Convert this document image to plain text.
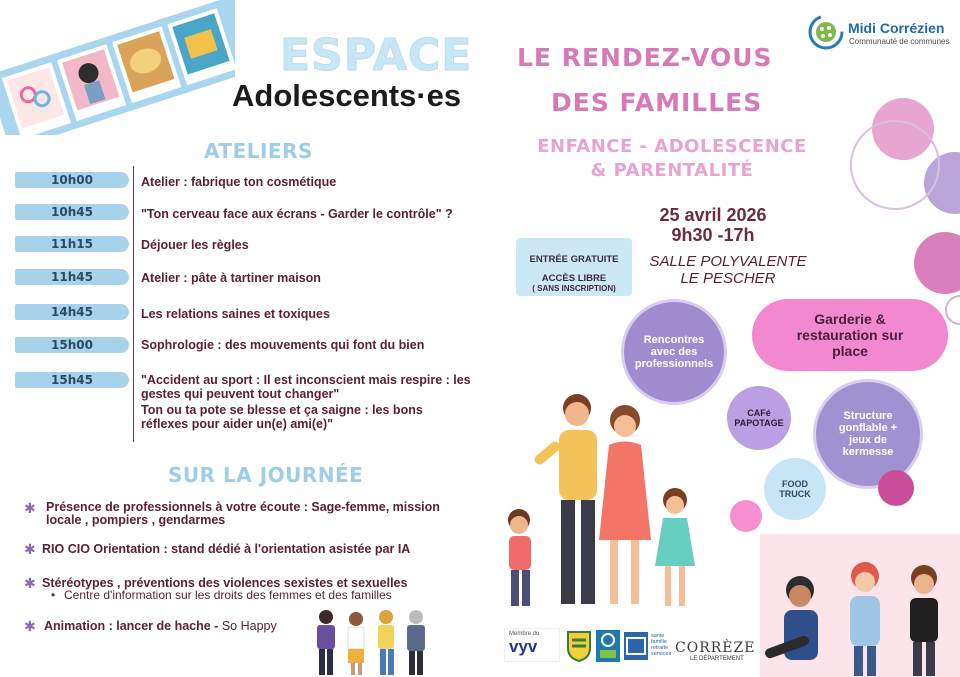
ESPACE
Adolescents·es
ATELIERS
10h00	Atelier : fabrique ton cosmétique
10h45	"Ton cerveau face aux écrans - Garder le contrôle" ?
11h15	Déjouer les règles
11h45	Atelier : pâte à tartiner maison
14h45	Les relations saines et toxiques
15h00	Sophrologie : des mouvements qui font du bien
15h45	"Accident au sport : Il est inconscient mais respire : les gestes qui peuvent tout changer"
Ton ou ta pote se blesse et ça saigne : les bons réflexes pour aider un(e) ami(e)"
SUR LA JOURNÉE
✱ Présence de professionnels à votre écoute : Sage-femme, mission locale , pompiers , gendarmes
✱ RIO CIO Orientation : stand dédié à l'orientation asistée par IA
✱ Stéréotypes , préventions des violences sexistes et sexuelles
• Centre d'information sur les droits des femmes et des familles
✱ Animation : lancer de hache - So Happy
Midi Corrézien
Communauté de communes
LE RENDEZ-VOUS
DES FAMILLES
ENFANCE - ADOLESCENCE
& PARENTALITÉ
25 avril 2026
9h30 -17h
SALLE POLYVALENTE
LE PESCHER
ENTRÉE GRATUITE
ACCÈS LIBRE
( SANS INSCRIPTION)
Rencontres avec des professionnels
Garderie & restauration sur place
CAFé
PAPOTAGE
Structure gonflable + jeux de kermesse
FOOD
TRUCK
Membre du
vyv
santé
famille
retraite
services CORRÈZE
LE DÉPARTEMENT
